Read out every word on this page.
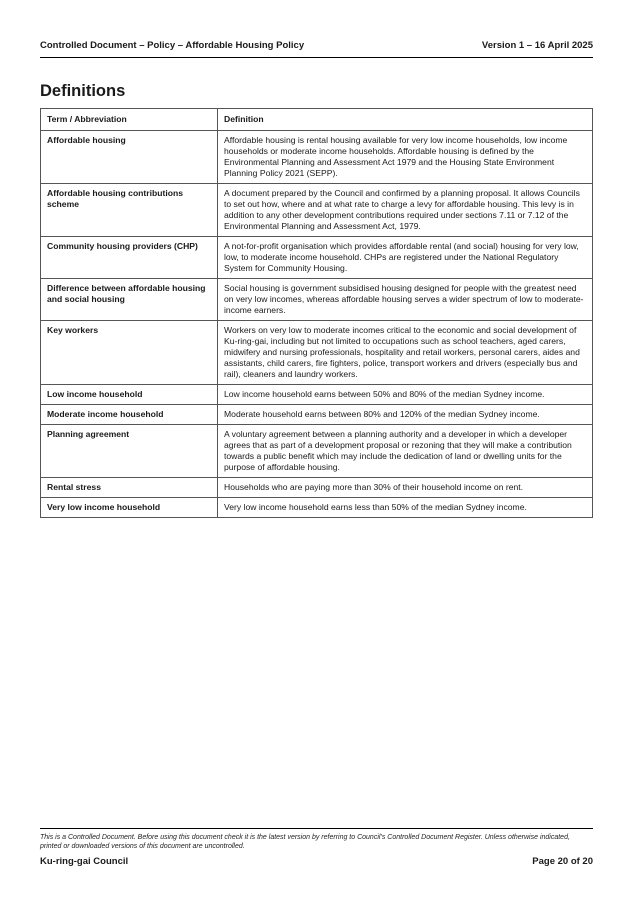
Controlled Document – Policy – Affordable Housing Policy	Version 1 – 16 April 2025
Definitions
Term / Abbreviation	Definition
Affordable housing	Affordable housing is rental housing available for very low income households, low income households or moderate income households. Affordable housing is defined by the Environmental Planning and Assessment Act 1979 and the Housing State Environment Planning Policy 2021 (SEPP).
Affordable housing contributions scheme	A document prepared by the Council and confirmed by a planning proposal. It allows Councils to set out how, where and at what rate to charge a levy for affordable housing. This levy is in addition to any other development contributions required under sections 7.11 or 7.12 of the Environmental Planning and Assessment Act, 1979.
Community housing providers (CHP)	A not-for-profit organisation which provides affordable rental (and social) housing for very low, low, to moderate income household. CHPs are registered under the National Regulatory System for Community Housing.
Difference between affordable housing and social housing	Social housing is government subsidised housing designed for people with the greatest need on very low incomes, whereas affordable housing serves a wider spectrum of low to moderate-income earners.
Key workers	Workers on very low to moderate incomes critical to the economic and social development of Ku-ring-gai, including but not limited to occupations such as school teachers, aged carers, midwifery and nursing professionals, hospitality and retail workers, personal carers, aides and assistants, child carers, fire fighters, police, transport workers and drivers (especially bus and rail), cleaners and laundry workers.
Low income household	Low income household earns between 50% and 80% of the median Sydney income.
Moderate income household	Moderate household earns between 80% and 120% of the median Sydney income.
Planning agreement	A voluntary agreement between a planning authority and a developer in which a developer agrees that as part of a development proposal or rezoning that they will make a contribution towards a public benefit which may include the dedication of land or dwelling units for the purpose of affordable housing.
Rental stress	Households who are paying more than 30% of their household income on rent.
Very low income household	Very low income household earns less than 50% of the median Sydney income.
This is a Controlled Document. Before using this document check it is the latest version by referring to Council’s Controlled Document Register. Unless otherwise indicated, printed or downloaded versions of this document are uncontrolled.
Ku-ring-gai Council	Page 20 of 20
